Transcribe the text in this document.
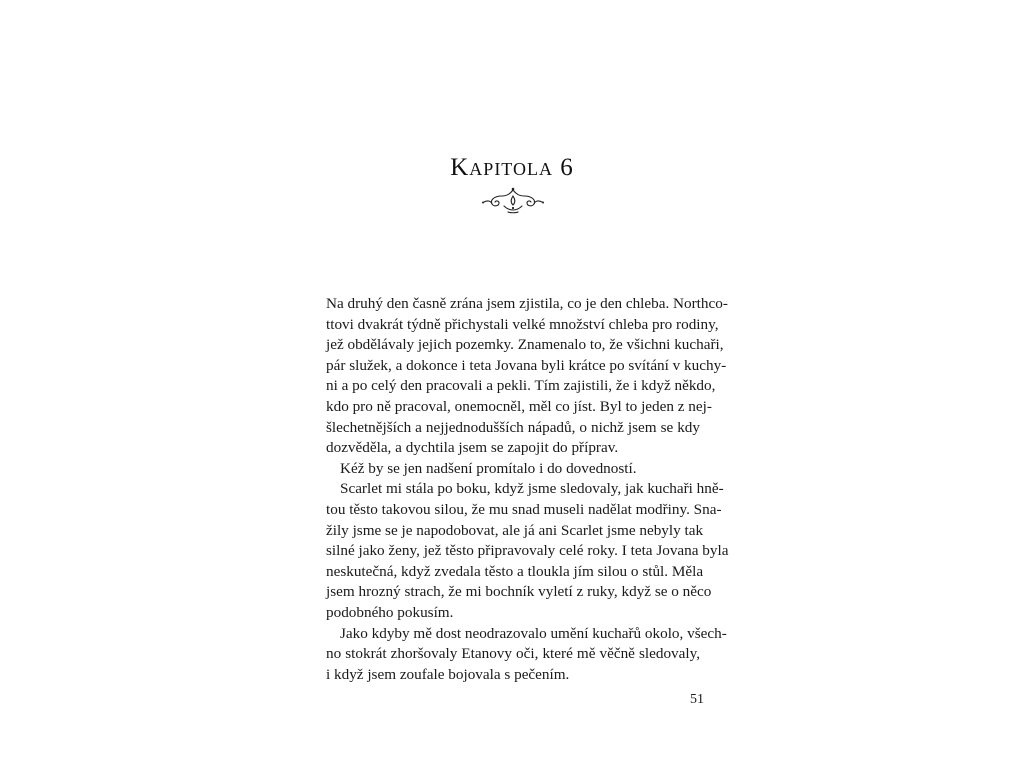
Kapitola 6
Na druhý den časně zrána jsem zjistila, co je den chleba. Northco-
ttovi dvakrát týdně přichystali velké množství chleba pro rodiny,
jež obdělávaly jejich pozemky. Znamenalo to, že všichni kuchaři,
pár služek, a dokonce i teta Jovana byli krátce po svítání v kuchy-
ni a po celý den pracovali a pekli. Tím zajistili, že i když někdo,
kdo pro ně pracoval, onemocněl, měl co jíst. Byl to jeden z nej-
šlechetnějších a nejjednodušších nápadů, o nichž jsem se kdy
dozvěděla, a dychtila jsem se zapojit do příprav.
Kéž by se jen nadšení promítalo i do dovedností.
Scarlet mi stála po boku, když jsme sledovaly, jak kuchaři hně-
tou těsto takovou silou, že mu snad museli nadělat modřiny. Sna-
žily jsme se je napodobovat, ale já ani Scarlet jsme nebyly tak
silné jako ženy, jež těsto připravovaly celé roky. I teta Jovana byla
neskutečná, když zvedala těsto a tloukla jím silou o stůl. Měla
jsem hrozný strach, že mi bochník vyletí z ruky, když se o něco
podobného pokusím.
Jako kdyby mě dost neodrazovalo umění kuchařů okolo, všech-
no stokrát zhoršovaly Etanovy oči, které mě věčně sledovaly,
i když jsem zoufale bojovala s pečením.
51
